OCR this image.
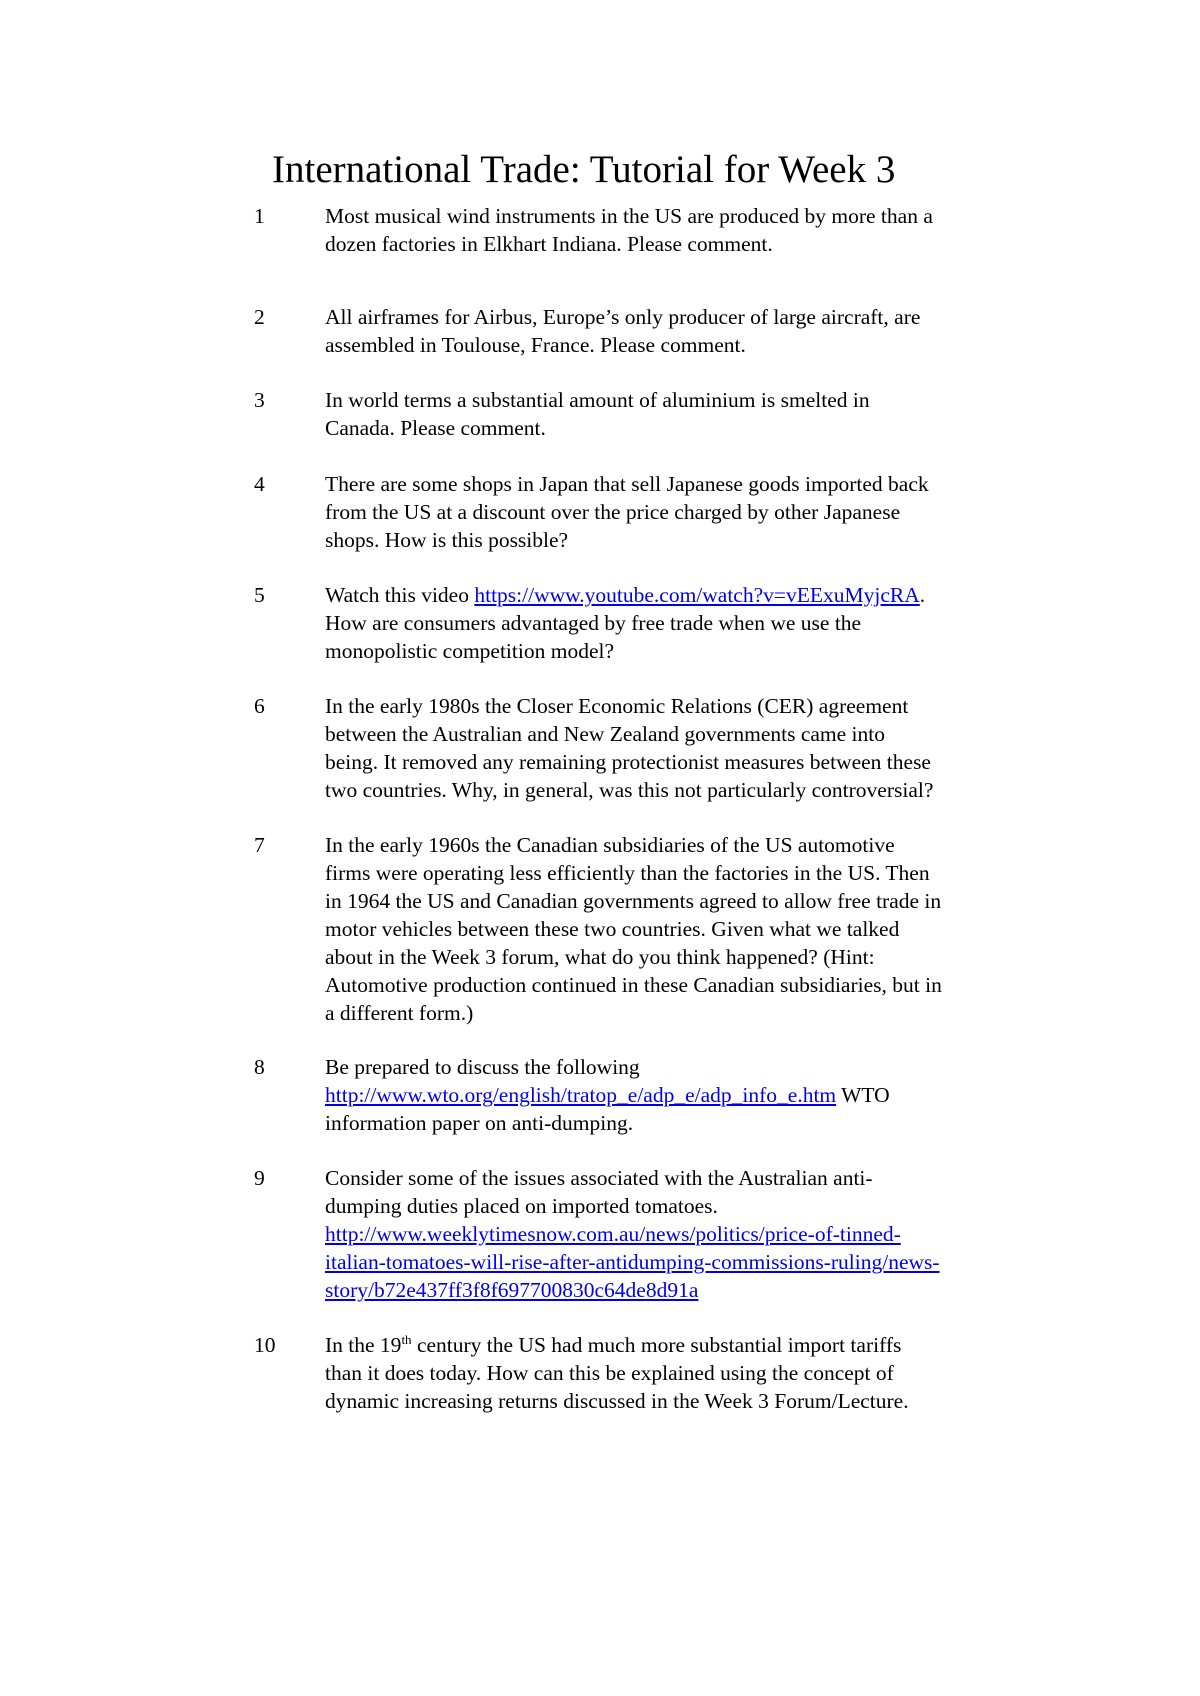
International Trade: Tutorial for Week 3
1	Most musical wind instruments in the US are produced by more than a
dozen factories in Elkhart Indiana. Please comment.
2	All airframes for Airbus, Europe’s only producer of large aircraft, are
assembled in Toulouse, France. Please comment.
3	In world terms a substantial amount of aluminium is smelted in
Canada. Please comment.
4	There are some shops in Japan that sell Japanese goods imported back
from the US at a discount over the price charged by other Japanese
shops. How is this possible?
5	Watch this video https://www.youtube.com/watch?v=vEExuMyjcRA.
How are consumers advantaged by free trade when we use the
monopolistic competition model?
6	In the early 1980s the Closer Economic Relations (CER) agreement
between the Australian and New Zealand governments came into
being. It removed any remaining protectionist measures between these
two countries. Why, in general, was this not particularly controversial?
7	In the early 1960s the Canadian subsidiaries of the US automotive
firms were operating less efficiently than the factories in the US. Then
in 1964 the US and Canadian governments agreed to allow free trade in
motor vehicles between these two countries. Given what we talked
about in the Week 3 forum, what do you think happened? (Hint:
Automotive production continued in these Canadian subsidiaries, but in
a different form.)
8	Be prepared to discuss the following
http://www.wto.org/english/tratop_e/adp_e/adp_info_e.htm WTO
information paper on anti-dumping.
9	Consider some of the issues associated with the Australian anti-
dumping duties placed on imported tomatoes.
http://www.weeklytimesnow.com.au/news/politics/price-of-tinned-
italian-tomatoes-will-rise-after-antidumping-commissions-ruling/news-
story/b72e437ff3f8f697700830c64de8d91a
10 In the 19th century the US had much more substantial import tariffs
than it does today. How can this be explained using the concept of
dynamic increasing returns discussed in the Week 3 Forum/Lecture.
